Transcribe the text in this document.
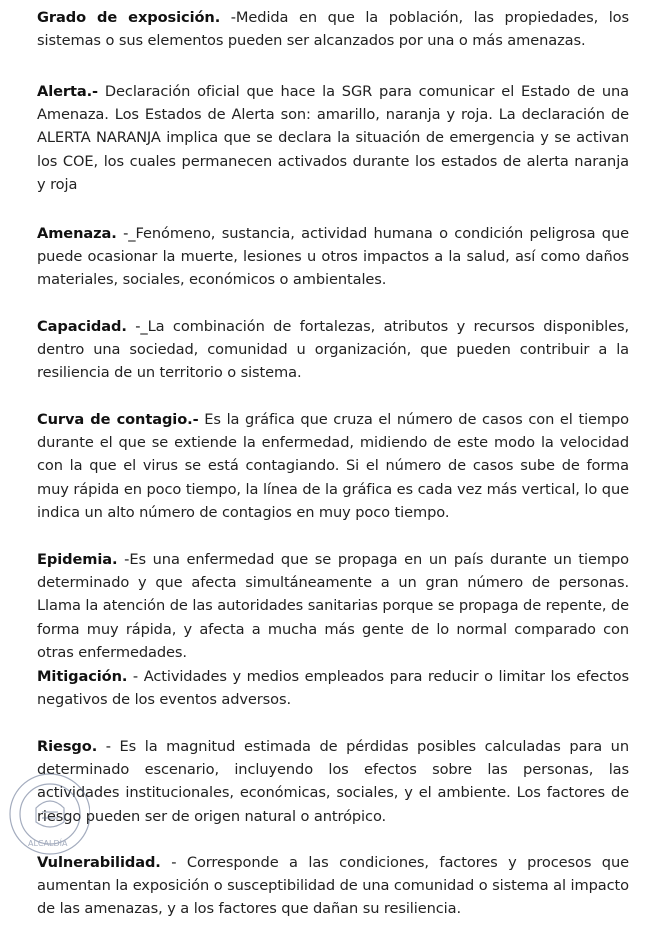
Grado de exposición. -Medida en que la población, las propiedades, los sistemas o sus elementos pueden ser alcanzados por una o más amenazas.

Alerta.- Declaración oficial que hace la SGR para comunicar el Estado de una Amenaza. Los Estados de Alerta son: amarillo, naranja y roja. La declaración de ALERTA NARANJA implica que se declara la situación de emergencia y se activan los COE, los cuales permanecen activados durante los estados de alerta naranja y roja

Amenaza. -_Fenómeno, sustancia, actividad humana o condición peligrosa que puede ocasionar la muerte, lesiones u otros impactos a la salud, así como daños materiales, sociales, económicos o ambientales.

Capacidad. -_La combinación de fortalezas, atributos y recursos disponibles, dentro una sociedad, comunidad u organización, que pueden contribuir a la resiliencia de un territorio o sistema.

Curva de contagio.- Es la gráfica que cruza el número de casos con el tiempo durante el que se extiende la enfermedad, midiendo de este modo la velocidad con la que el virus se está contagiando. Si el número de casos sube de forma muy rápida en poco tiempo, la línea de la gráfica es cada vez más vertical, lo que indica un alto número de contagios en muy poco tiempo.

Epidemia. -Es una enfermedad que se propaga en un país durante un tiempo determinado y que afecta simultáneamente a un gran número de personas. Llama la atención de las autoridades sanitarias porque se propaga de repente, de forma muy rápida, y afecta a mucha más gente de lo normal comparado con otras enfermedades.

Mitigación. - Actividades y medios empleados para reducir o limitar los efectos negativos de los eventos adversos.

Riesgo. - Es la magnitud estimada de pérdidas posibles calculadas para un determinado escenario, incluyendo los efectos sobre las personas, las actividades institucionales, económicas, sociales, y el ambiente. Los factores de riesgo pueden ser de origen natural o antrópico.

Vulnerabilidad. - Corresponde a las condiciones, factores y procesos que aumentan la exposición o susceptibilidad de una comunidad o sistema al impacto de las amenazas, y a los factores que dañan su resiliencia.

ALCALDÍA
